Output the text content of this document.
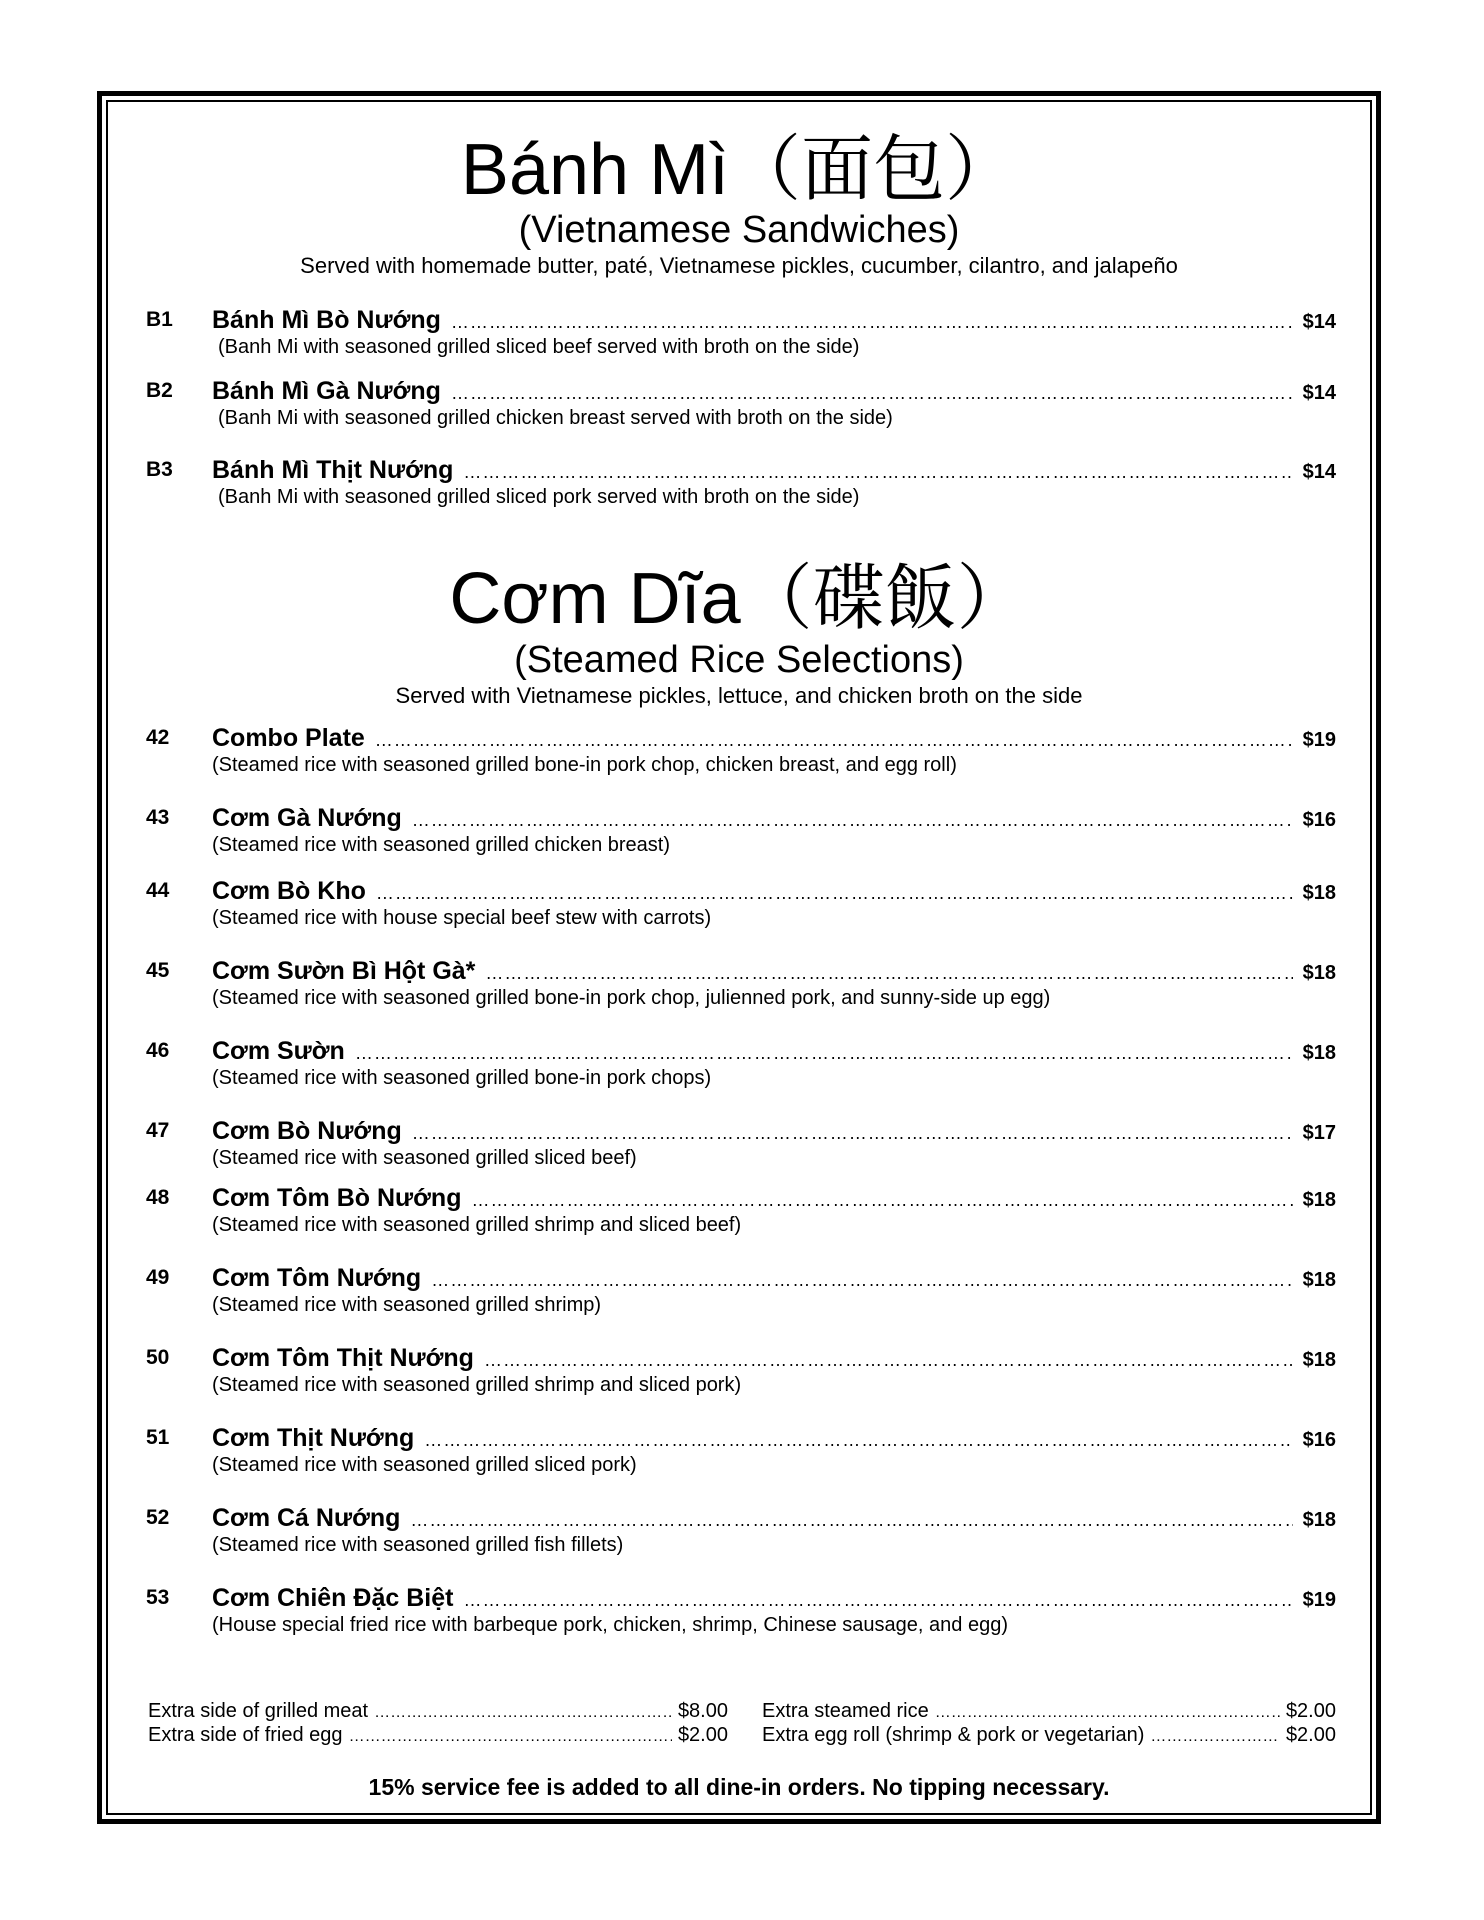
Bánh Mì（面包）
(Vietnamese Sandwiches)
Served with homemade butter, paté, Vietnamese pickles, cucumber, cilantro, and jalapeño
B1 Bánh Mì Bò Nướng …………………………………………………………………………………………………………………………………………………………………………………………………………………………………………………………	$14
(Banh Mi with seasoned grilled sliced beef served with broth on the side)
B2 Bánh Mì Gà Nướng …………………………………………………………………………………………………………………………………………………………………………………………………………………………………………………………	$14
(Banh Mi with seasoned grilled chicken breast served with broth on the side)
B3 Bánh Mì Thịt Nướng …………………………………………………………………………………………………………………………………………………………………………………………………………………………………………………………	$14
(Banh Mi with seasoned grilled sliced pork served with broth on the side)
Cơm Dĩa（碟飯）
(Steamed Rice Selections)
Served with Vietnamese pickles, lettuce, and chicken broth on the side
42 Combo Plate …………………………………………………………………………………………………………………………………………………………………………………………………………………………………………………………	$19
(Steamed rice with seasoned grilled bone-in pork chop, chicken breast, and egg roll)
43 Cơm Gà Nướng …………………………………………………………………………………………………………………………………………………………………………………………………………………………………………………………	$16
(Steamed rice with seasoned grilled chicken breast)
44 Cơm Bò Kho …………………………………………………………………………………………………………………………………………………………………………………………………………………………………………………………	$18
(Steamed rice with house special beef stew with carrots)
45 Cơm Sườn Bì Hột Gà* …………………………………………………………………………………………………………………………………………………………………………………………………………………………………………………………	$18
(Steamed rice with seasoned grilled bone-in pork chop, julienned pork, and sunny-side up egg)
46 Cơm Sườn …………………………………………………………………………………………………………………………………………………………………………………………………………………………………………………………	$18
(Steamed rice with seasoned grilled bone-in pork chops)
47 Cơm Bò Nướng …………………………………………………………………………………………………………………………………………………………………………………………………………………………………………………………	$17
(Steamed rice with seasoned grilled sliced beef)
48 Cơm Tôm Bò Nướng …………………………………………………………………………………………………………………………………………………………………………………………………………………………………………………………	$18
(Steamed rice with seasoned grilled shrimp and sliced beef)
49 Cơm Tôm Nướng …………………………………………………………………………………………………………………………………………………………………………………………………………………………………………………………	$18
(Steamed rice with seasoned grilled shrimp)
50 Cơm Tôm Thịt Nướng …………………………………………………………………………………………………………………………………………………………………………………………………………………………………………………………	$18
(Steamed rice with seasoned grilled shrimp and sliced pork)
51 Cơm Thịt Nướng …………………………………………………………………………………………………………………………………………………………………………………………………………………………………………………………	$16
(Steamed rice with seasoned grilled sliced pork)
52 Cơm Cá Nướng …………………………………………………………………………………………………………………………………………………………………………………………………………………………………………………………	$18
(Steamed rice with seasoned grilled fish fillets)
53 Cơm Chiên Đặc Biệt …………………………………………………………………………………………………………………………………………………………………………………………………………………………………………………………	$19
(House special fried rice with barbeque pork, chicken, shrimp, Chinese sausage, and egg)
Extra side of grilled meat ………………………………………………………………………………………………………………	$8.00
Extra side of fried egg ………………………………………………………………………………………………………………	$2.00
Extra steamed rice ………………………………………………………………………………………………………………	$2.00
Extra egg roll (shrimp & pork or vegetarian) ………………………………………………………………………………………………………………	$2.00
15% service fee is added to all dine-in orders. No tipping necessary.
